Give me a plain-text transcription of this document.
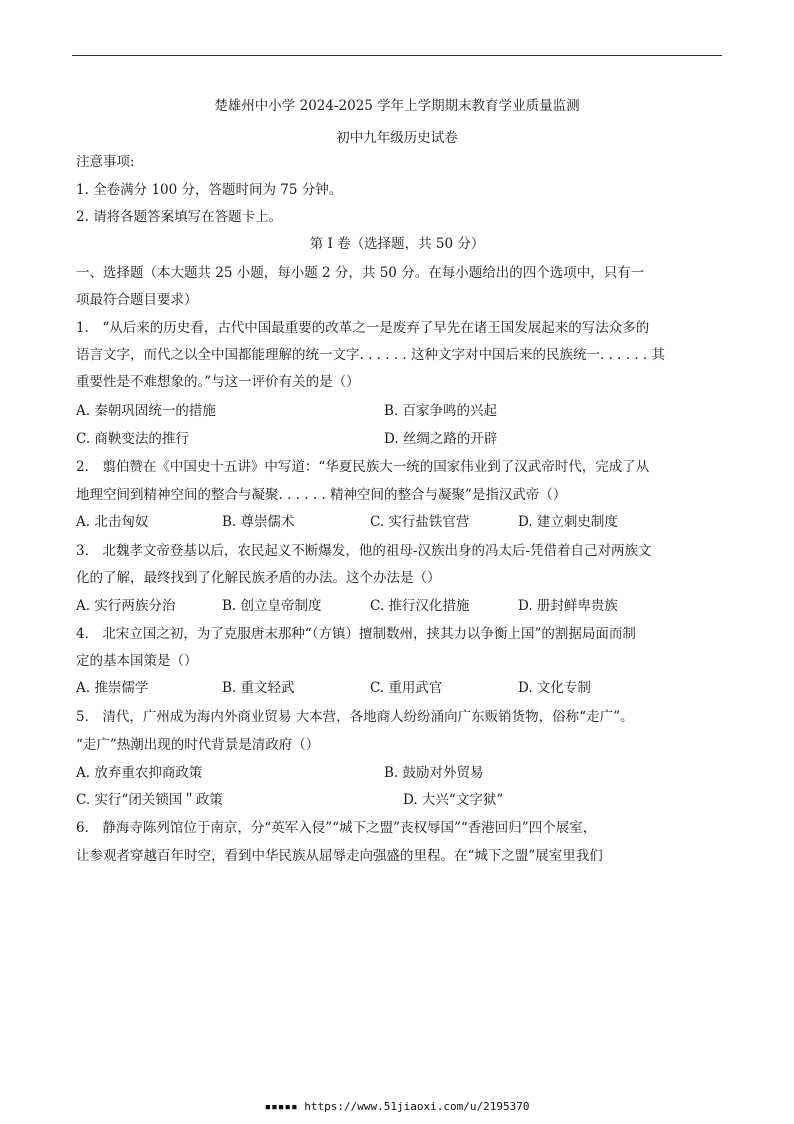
楚雄州中小学 2024-2025 学年上学期期末教育学业质量监测
初中九年级历史试卷
注意事项:
1. 全卷满分 100 分，答题时间为 75 分钟。
2. 请将各题答案填写在答题卡上。
第 I 卷（选择题，共 50 分）
一、选择题（本大题共 25 小题，每小题 2 分，共 50 分。在每小题给出的四个选项中，只有一
项最符合题目要求）
1． “从后来的历史看，古代中国最重要的改革之一是废弃了早先在诸王国发展起来的写法众多的
语言文字，而代之以全中国都能理解的统一文字. . . . . . 这种文字对中国后来的民族统一. . . . . . 其
重要性是不难想象的。”与这一评价有关的是（）
A. 秦朝巩固统一的措施	B. 百家争鸣的兴起
C. 商鞅变法的推行	D. 丝绸之路的开辟
2． 翦伯赞在《中国史十五讲》中写道：“华夏民族大一统的国家伟业到了汉武帝时代，完成了从
地理空间到精神空间的整合与凝聚. . . . . . 精神空间的整合与凝聚”是指汉武帝（）
A. 北击匈奴	B. 尊崇儒术	C. 实行盐铁官营	D. 建立刺史制度
3． 北魏孝文帝登基以后，农民起义不断爆发，他的祖母-汉族出身的冯太后-凭借着自己对两族文
化的了解，最终找到了化解民族矛盾的办法。这个办法是（）
A. 实行两族分治	B. 创立皇帝制度	C. 推行汉化措施	D. 册封鲜卑贵族
4． 北宋立国之初，为了克服唐末那种“（方镇）擅制数州，挟其力以争衡上国”的割据局面而制
定的基本国策是（）
A. 推崇儒学	B. 重文轻武	C. 重用武官	D. 文化专制
5． 清代，广州成为海内外商业贸易 大本营，各地商人纷纷涌向广东贩销货物，俗称“走广”。
“走广”热潮出现的时代背景是清政府（）
A. 放弃重农抑商政策	B. 鼓励对外贸易
C. 实行“闭关锁国＂政策	D. 大兴“文字狱”
6． 静海寺陈列馆位于南京，分“英军入侵”“城下之盟”丧权辱国”“香港回归”四个展室，
让参观者穿越百年时空，看到中华民族从屈辱走向强盛的里程。在“城下之盟”展室里我们
▪▪▪▪▪ https://www.51jiaoxi.com/u/2195370
